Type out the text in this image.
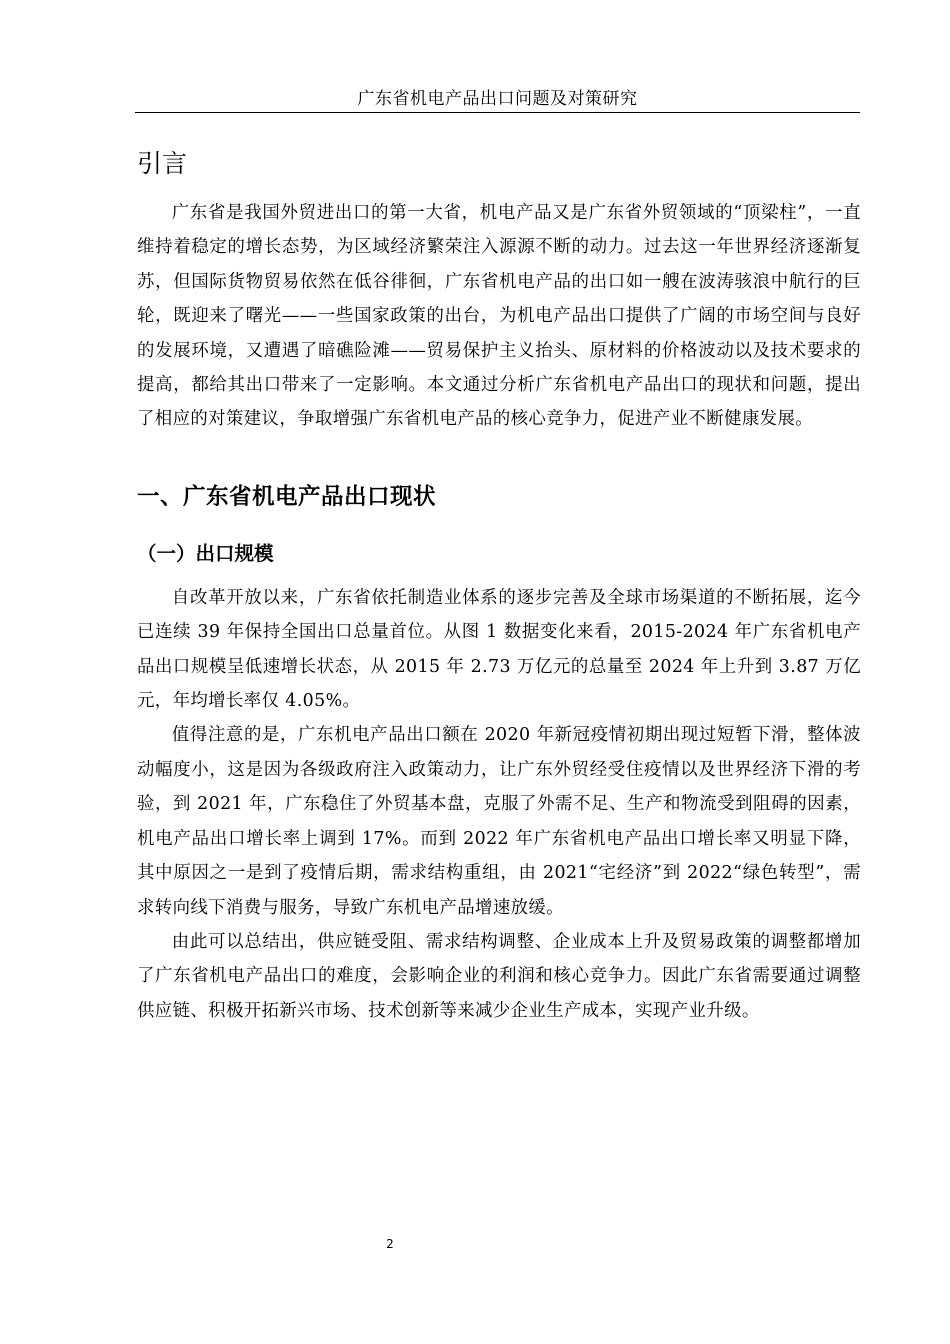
广东省机电产品出口问题及对策研究
引言

广东省是我国外贸进出口的第一大省，机电产品又是广东省外贸领域的“顶梁柱”，一直维持着稳定的增长态势，为区域经济繁荣注入源源不断的动力。过去这一年世界经济逐渐复苏，但国际货物贸易依然在低谷徘徊，广东省机电产品的出口如一艘在波涛骇浪中航行的巨轮，既迎来了曙光——一些国家政策的出台，为机电产品出口提供了广阔的市场空间与良好的发展环境，又遭遇了暗礁险滩——贸易保护主义抬头、原材料的价格波动以及技术要求的提高，都给其出口带来了一定影响。本文通过分析广东省机电产品出口的现状和问题，提出了相应的对策建议，争取增强广东省机电产品的核心竞争力，促进产业不断健康发展。

一、广东省机电产品出口现状
（一）出口规模

自改革开放以来，广东省依托制造业体系的逐步完善及全球市场渠道的不断拓展，迄今已连续 39 年保持全国出口总量首位。从图 1 数据变化来看，2015-2024 年广东省机电产品出口规模呈低速增长状态，从 2015 年 2.73 万亿元的总量至 2024 年上升到 3.87 万亿元，年均增长率仅 4.05%。

值得注意的是，广东机电产品出口额在 2020 年新冠疫情初期出现过短暂下滑，整体波动幅度小，这是因为各级政府注入政策动力，让广东外贸经受住疫情以及世界经济下滑的考验，到 2021 年，广东稳住了外贸基本盘，克服了外需不足、生产和物流受到阻碍的因素，机电产品出口增长率上调到 17%。而到 2022 年广东省机电产品出口增长率又明显下降，其中原因之一是到了疫情后期，需求结构重组，由 2021“宅经济”到 2022“绿色转型”，需求转向线下消费与服务，导致广东机电产品增速放缓。

由此可以总结出，供应链受阻、需求结构调整、企业成本上升及贸易政策的调整都增加了广东省机电产品出口的难度，会影响企业的利润和核心竞争力。因此广东省需要通过调整供应链、积极开拓新兴市场、技术创新等来减少企业生产成本，实现产业升级。

2
